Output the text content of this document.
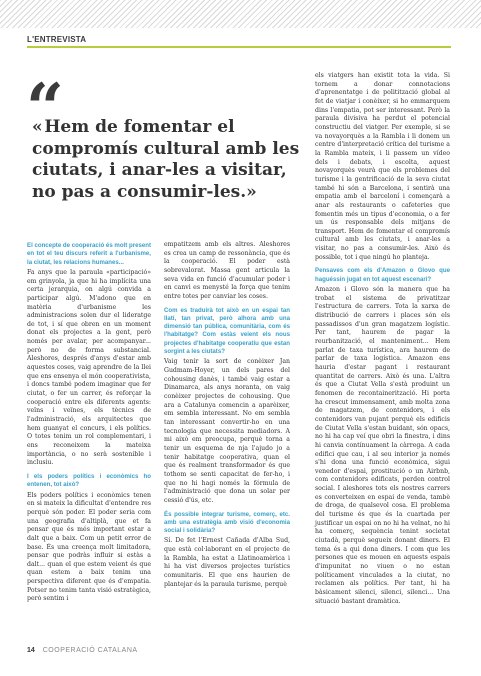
L'ENTREVISTA
“
« Hem de fomentar el compromís cultural amb les ciutats, i anar-les a visitar, no pas a consumir-les.»

El concepte de cooperació és molt present en tot el teu discurs referit a l'urbanisme, la ciutat, les relacions humanes...

Fa anys que la paraula «participació» em grinyola, ja que hi ha implícita una certa jerarquia, on algú convida a participar algú. M'adono que en matèria d'urbanisme les administracions solen dur el lideratge de tot, i sí que obren en un moment donat els projectes a la gent, però només per avalar, per acompanyar... però no de forma substancial. Aleshores, després d'anys d'estar amb aquestes coses, vaig aprendre de la llei que ens ensenya el món cooperativista, i doncs també podem imaginar que fer ciutat, o fer un carrer, és reforçar la cooperació entre els diferents agents: veïns i veïnes, els tècnics de l'administració, els arquitectes que hem guanyat el concurs, i els polítics. O totes tenim un rol complementari, i ens reconeixem la mateixa importància, o no serà sostenible i inclusiu.

I els poders polítics i econòmics ho entenen, tot això?

Els poders polítics i econòmics tenen en si mateix la dificultat d'entendre res perquè són poder. El poder seria com una geografia d'altiplà, que et fa pensar que és més important estar a dalt que a baix. Com un petit error de base. És una creença molt limitadora, pensar que podràs influir si estàs a dalt... quan el que estem veient és que quan estem a baix tenim una perspectiva diferent que és d'empatia. Potser no tenim tanta visió estratègica, però sentim i

empatitzem amb els altres. Aleshores es crea un camp de ressonància, que és la cooperació. El poder està sobrevalorat. Massa gent articula la seva vida en funció d'acumular poder i en canvi es menysté la força que tenim entre totes per canviar les coses.

Com es traduirà tot això en un espai tan llatí, tan privat, però alhora amb una dimensió tan pública, comunitària, com és l'habitatge? Com estàs veient els nous projectes d'habitatge cooperatiu que estan sorgint a les ciutats?

Vaig tenir la sort de conèixer Jan Gudmam-Hoyer, un dels pares del cohousing danès, i també vaig estar a Dinamarca, als anys noranta, on vaig conèixer projectes de cohousing. Que ara a Catalunya comencin a aparèixer, em sembla interessant. No em sembla tan interessant convertir-ho en una tecnologia que necessita mediadors. A mi això em preocupa, perquè torna a tenir un esquema de nja l'ajudo jo a tenir habitatge cooperativa, quan el que és realment transformador és que tothom se senti capacitat de fer-ho, i que no hi hagi només la fórmula de l'administració que dona un solar per cessió d'ús, etc.

És possible integrar turisme, comerç, etc. amb una estratègia amb visió d'economia social i solidària?

Sí. De fet l'Ernest Cañada d'Alba Sud, que està col·laborant en el projecte de la Rambla, ha estat a Llatinoamèrica i hi ha vist diversos projectes turístics comunitaris. El que ens haurien de plantejar és la paraula turisme, perquè

els viatgers han existit tota la vida. Si tornem a donar connotacions d'aprenentatge i de politització global al fet de viatjar i conèixer, si ho emmarquem dins l'empatia, pot ser interessant. Però la paraula divisiva ha perdut el potencial constructiu del viatger. Per exemple, si se va novayorquès a la Rambla i li donem un centre d'interpretació crítica del turisme a la Rambla mateix, i li passem un vídeo dels i debats, i escolta, aquest novayorquès veurà que els problemes del turisme i la gentrificació de la seva ciutat també hi són a Barcelona, i sentirà una empatia amb el barceloní i començarà a anar als restaurants o cafeteries que fomentin més un tipus d'economia, o a fer un ús responsable dels mitjans de transport. Hem de fomentar el compromís cultural amb les ciutats, i anar-les a visitar, no pas a consumir-les. Això és possible, tot i que ningú ho planteja.

Pensaves com els d'Amazon o Glovo que haguéssin jugat en tot aquest escenari?

Amazon i Glovo són la manera que ha trobat el sistema de privatitzar l'estructura de carrers. Tota la xarxa de distribució de carrers i places són els passadissos d'un gran magatzem logístic. Per tant, haurem de pagar la reurbanització, el manteniment... Hem parlat de taxa turística, ara haurem de parlar de taxa logística. Amazon ens hauria d'estar pagant i restaurant quantitat de carrers. Això és una. L'altra és que a Ciutat Vella s'està produint un fenomen de recontainerització. Hi porta ha crescut immensament, amb molta zona de magatzem, de contenidors, i els contenidors van pujant perquè els edificis de Ciutat Vella s'estan buidant, són opacs, no hi ha cap veí que obri la finestra, i dins hi canvia contínuament la càrrega. A cada edifici que cau, i al seu interior ja només s'hi dona una funció econòmica, sigui venedor d'espai, prostitució o un Airbnb, com contenidors edificats, perden control social. I aleshores tots els nostres carrers es converteixen en espai de venda, tambè de droga, de qualsevol cosa. El problema del turisme és que és la cuartada per justificar un espai on no hi ha veïnat, no hi ha comerç, sequència tenint societat ciutadà, perquè segueix donant diners. El tema és a qui dona diners. I com que les persones que es mouen en aquests espais d'impunitat no viuen o no estan políticament vinculades a la ciutat, no reclamen als polítics. Per tant, hi ha bàsicament silenci, silenci, silenci... Una situació bastant dramàtica.

14 COOPERACIÓ CATALANA
